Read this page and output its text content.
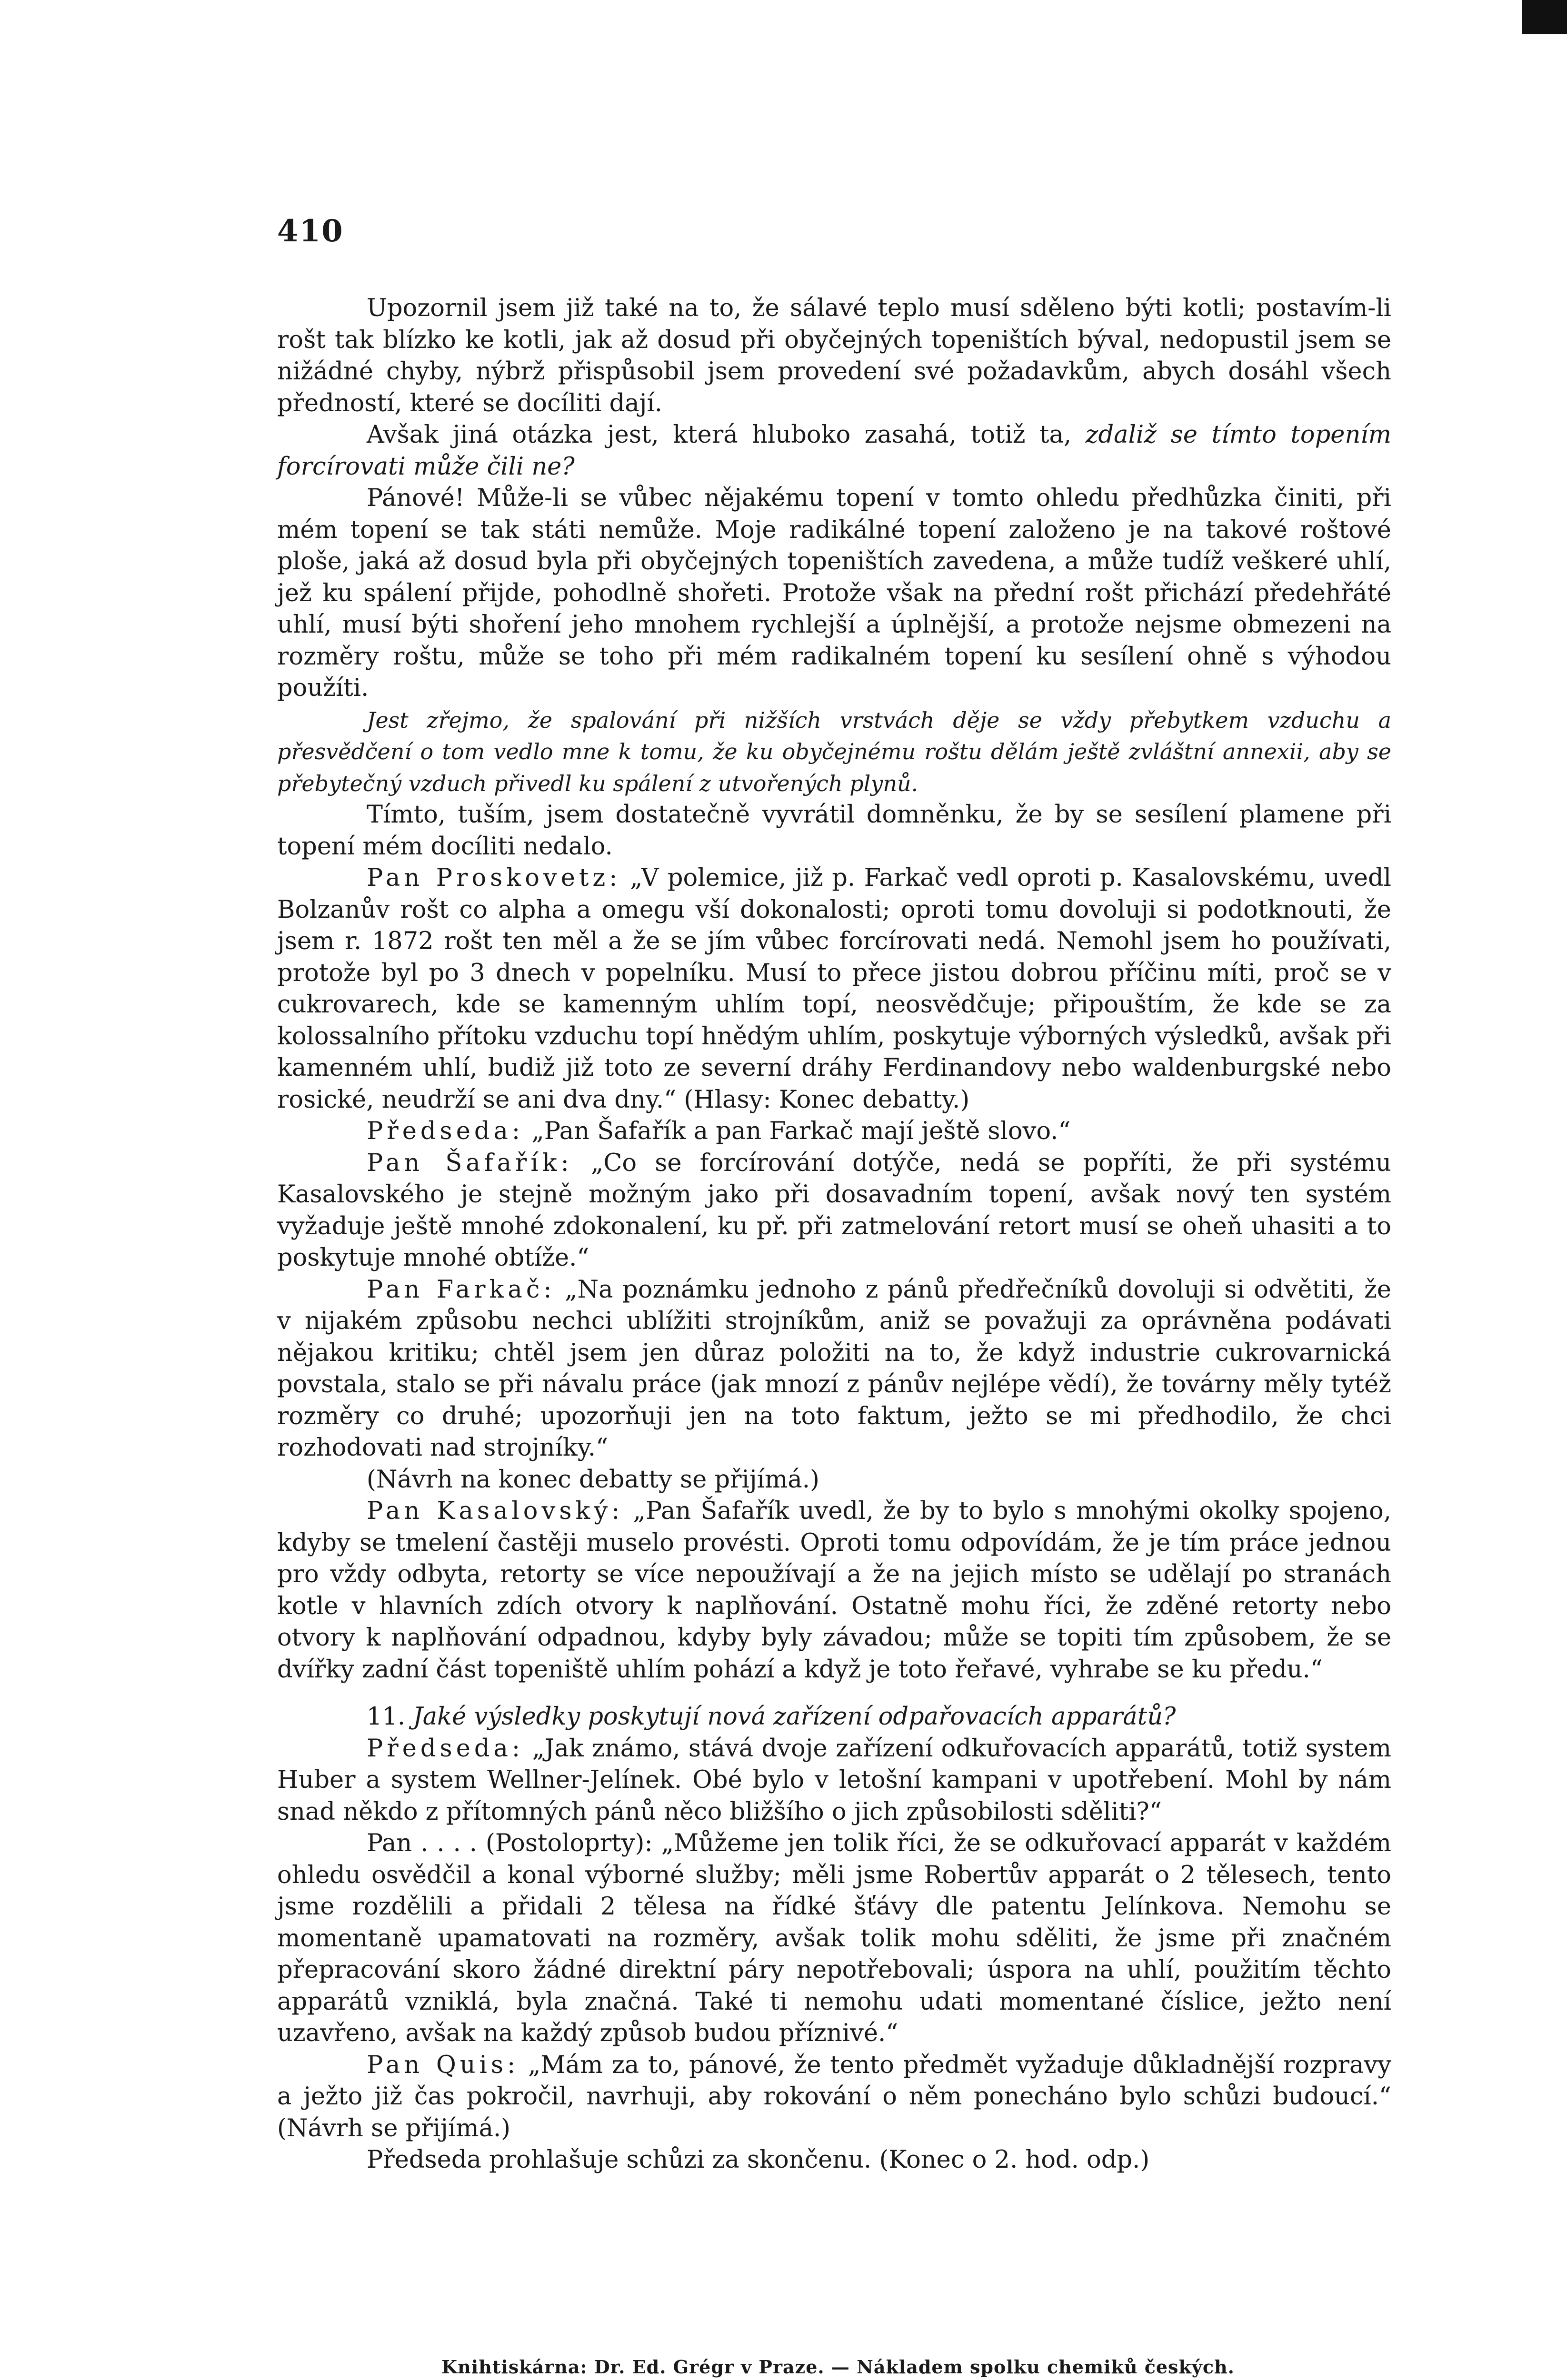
410

Upozornil jsem již také na to, že sálavé teplo musí sděleno býti kotli; postavím-li rošt tak blízko ke kotli, jak až dosud při obyčejných topeništích býval, nedopustil jsem se nižádné chyby, nýbrž přispůsobil jsem provedení své požadavkům, abych dosáhl všech předností, které se docíliti dají.

Avšak jiná otázka jest, která hluboko zasahá, totiž ta, zdaliž se tímto topením forcírovati může čili ne?

Pánové! Může-li se vůbec nějakému topení v tomto ohledu předhůzka činiti, při mém topení se tak státi nemůže. Moje radikálné topení založeno je na takové roštové ploše, jaká až dosud byla při obyčejných topeništích zavedena, a může tudíž veškeré uhlí, jež ku spálení přijde, pohodlně shořeti. Protože však na přední rošt přichází předehřáté uhlí, musí býti shoření jeho mnohem rychlejší a úplnější, a protože nejsme obmezeni na rozměry roštu, může se toho při mém radikalném topení ku sesílení ohně s výhodou použíti.

Jest zřejmo, že spalování při nižších vrstvách děje se vždy přebytkem vzduchu a přesvědčení o tom vedlo mne k tomu, že ku obyčejnému roštu dělám ještě zvláštní annexii, aby se přebytečný vzduch přivedl ku spálení z utvořených plynů.

Tímto, tuším, jsem dostatečně vyvrátil domněnku, že by se sesílení plamene při topení mém docíliti nedalo.

Pan Proskovetz: „V polemice, již p. Farkač vedl oproti p. Kasalovskému, uvedl Bolzanův rošt co alpha a omegu vší dokonalosti; oproti tomu dovoluji si podotknouti, že jsem r. 1872 rošt ten měl a že se jím vůbec forcírovati nedá. Nemohl jsem ho používati, protože byl po 3 dnech v popelníku. Musí to přece jistou dobrou příčinu míti, proč se v cukrovarech, kde se kamenným uhlím topí, neosvědčuje; připouštím, že kde se za kolossalního přítoku vzduchu topí hnědým uhlím, poskytuje výborných výsledků, avšak při kamenném uhlí, budiž již toto ze severní dráhy Ferdinandovy nebo waldenburgské nebo rosické, neudrží se ani dva dny.“ (Hlasy: Konec debatty.)

Předseda: „Pan Šafařík a pan Farkač mají ještě slovo.“

Pan Šafařík: „Co se forcírování dotýče, nedá se popříti, že při systému Kasalovského je stejně možným jako při dosavadním topení, avšak nový ten systém vyžaduje ještě mnohé zdokonalení, ku př. při zatmelování retort musí se oheň uhasiti a to poskytuje mnohé obtíže.“

Pan Farkač: „Na poznámku jednoho z pánů předřečníků dovoluji si odvětiti, že v nijakém způsobu nechci ublížiti strojníkům, aniž se považuji za oprávněna podávati nějakou kritiku; chtěl jsem jen důraz položiti na to, že když industrie cukrovarnická povstala, stalo se při návalu práce (jak mnozí z pánův nejlépe vědí), že továrny měly tytéž rozměry co druhé; upozorňuji jen na toto faktum, ježto se mi předhodilo, že chci rozhodovati nad strojníky.“

(Návrh na konec debatty se přijímá.)

Pan Kasalovský: „Pan Šafařík uvedl, že by to bylo s mnohými okolky spojeno, kdyby se tmelení častěji muselo provésti. Oproti tomu odpovídám, že je tím práce jednou pro vždy odbyta, retorty se více nepoužívají a že na jejich místo se udělají po stranách kotle v hlavních zdích otvory k naplňování. Ostatně mohu říci, že zděné retorty nebo otvory k naplňování odpadnou, kdyby byly závadou; může se topiti tím způsobem, že se dvířky zadní část topeniště uhlím pohází a když je toto řeřavé, vyhrabe se ku předu.“

11. Jaké výsledky poskytují nová zařízení odpařovacích apparátů?

Předseda: „Jak známo, stává dvoje zařízení odkuřovacích apparátů, totiž system Huber a system Wellner-Jelínek. Obé bylo v letošní kampani v upotřebení. Mohl by nám snad někdo z přítomných pánů něco bližšího o jich způsobilosti sděliti?“

Pan . . . . (Postoloprty): „Můžeme jen tolik říci, že se odkuřovací apparát v každém ohledu osvědčil a konal výborné služby; měli jsme Robertův apparát o 2 tělesech, tento jsme rozdělili a přidali 2 tělesa na řídké šťávy dle patentu Jelínkova. Nemohu se momentaně upamatovati na rozměry, avšak tolik mohu sděliti, že jsme při značném přepracování skoro žádné direktní páry nepotřebovali; úspora na uhlí, použitím těchto apparátů vzniklá, byla značná. Také ti nemohu udati momentané číslice, ježto není uzavřeno, avšak na každý způsob budou příznivé.“

Pan Quis: „Mám za to, pánové, že tento předmět vyžaduje důkladnější rozpravy a ježto již čas pokročil, navrhuji, aby rokování o něm ponecháno bylo schůzi budoucí.“ (Návrh se přijímá.)

Předseda prohlašuje schůzi za skončenu. (Konec o 2. hod. odp.)

Knihtiskárna: Dr. Ed. Grégr v Praze. — Nákladem spolku chemiků českých.
